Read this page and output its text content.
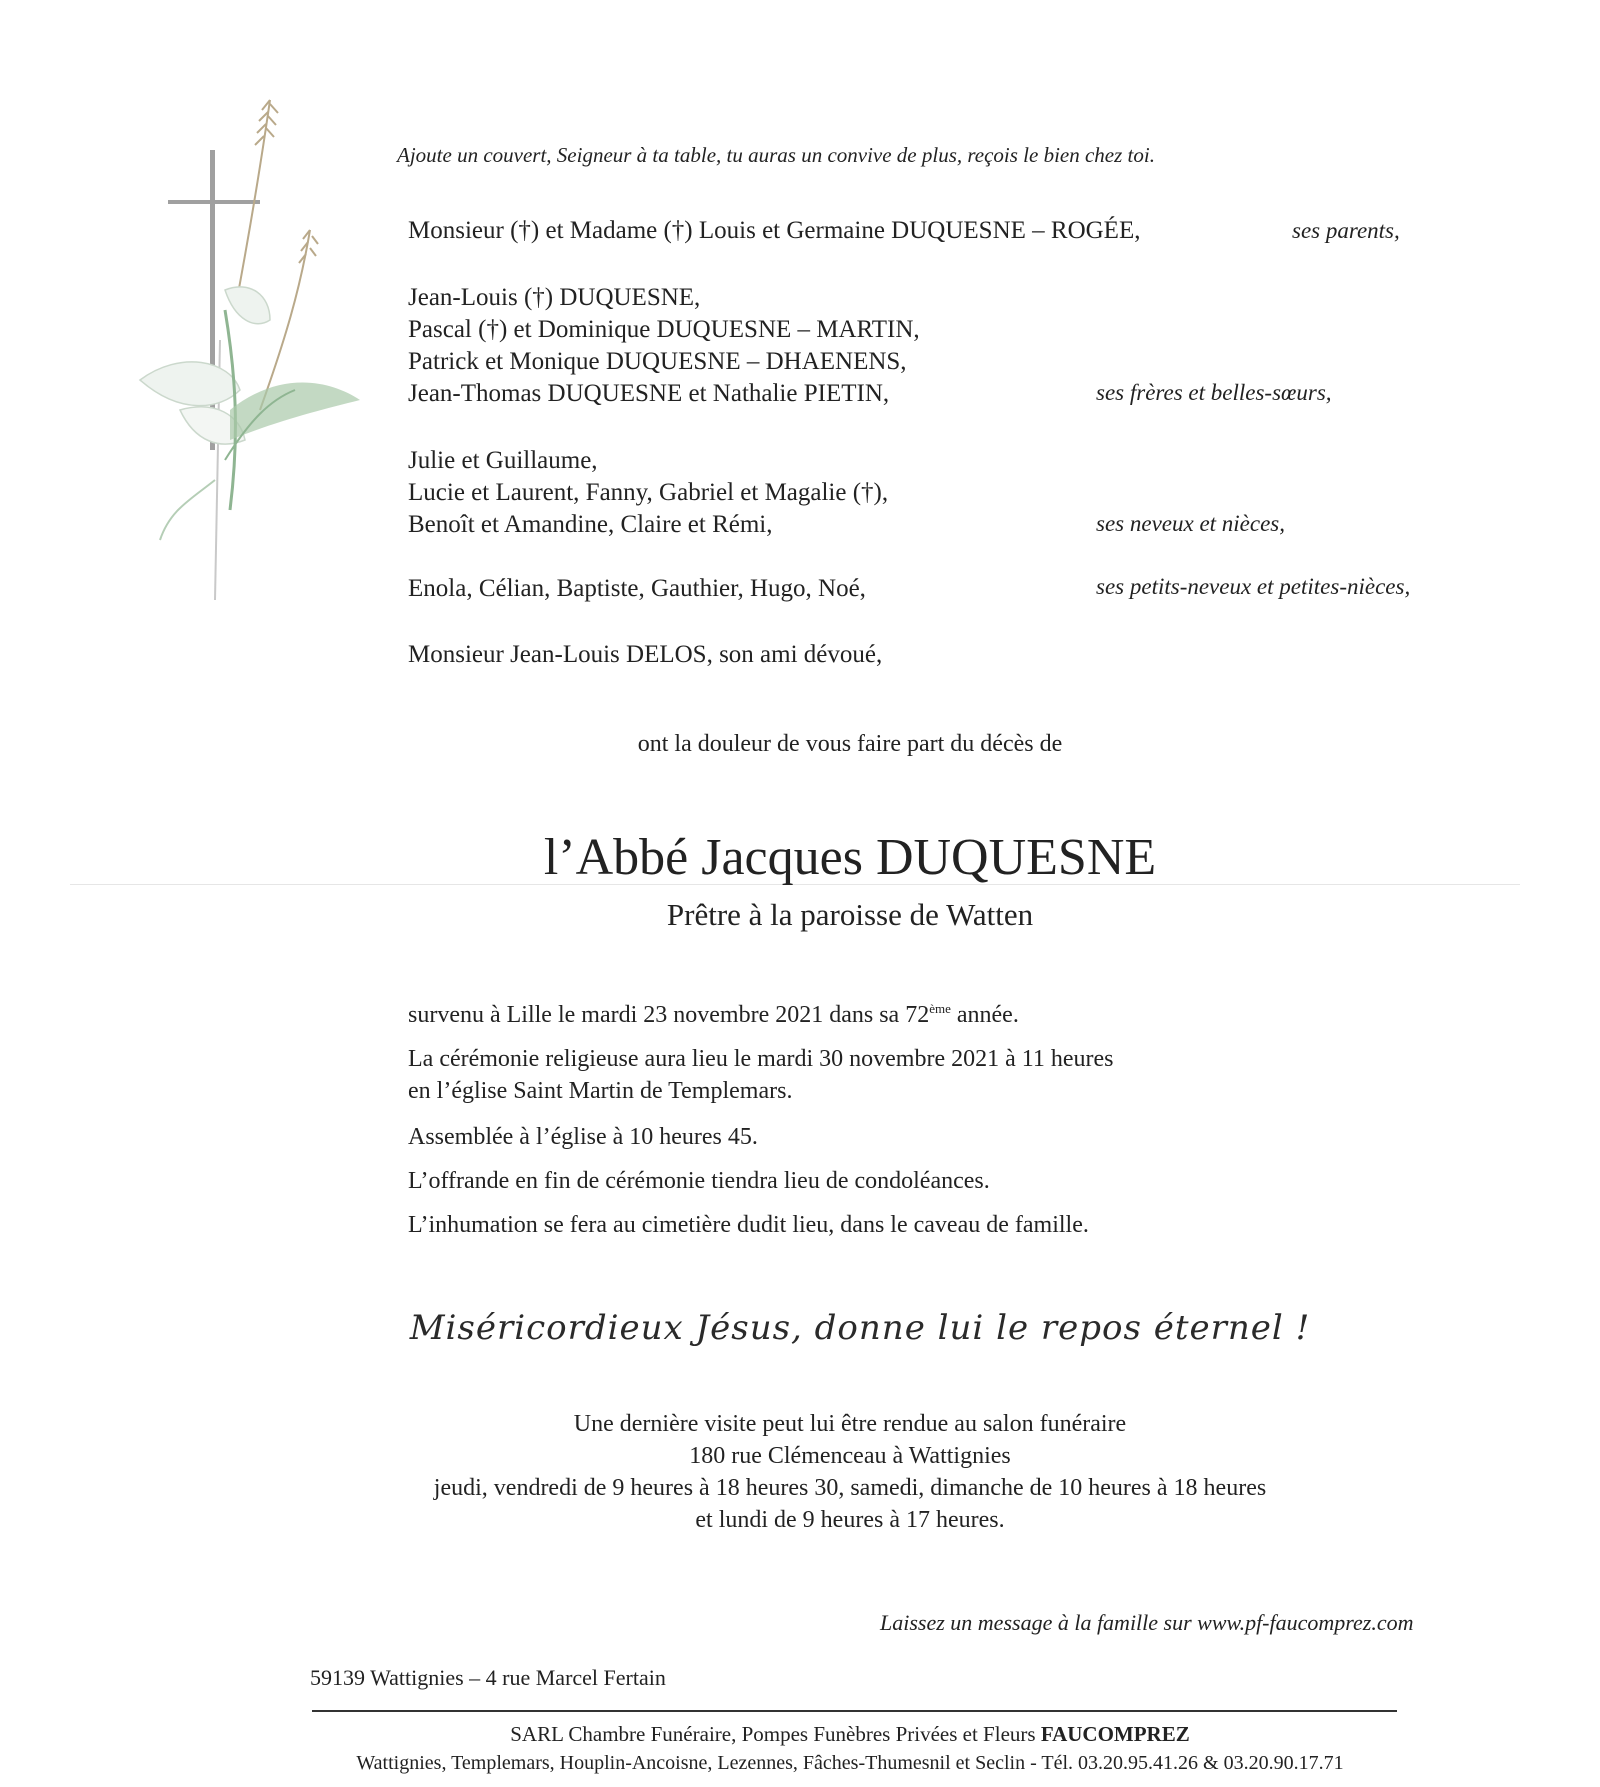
Ajoute un couvert, Seigneur à ta table, tu auras un convive de plus, reçois le bien chez toi.
Monsieur (†) et Madame (†) Louis et Germaine DUQUESNE – ROGÉE,	ses parents,
Jean-Louis (†) DUQUESNE,
Pascal (†) et Dominique DUQUESNE – MARTIN,
Patrick et Monique DUQUESNE – DHAENENS,
Jean-Thomas DUQUESNE et Nathalie PIETIN,	ses frères et belles-sœurs,
Julie et Guillaume,
Lucie et Laurent, Fanny, Gabriel et Magalie (†),
Benoît et Amandine, Claire et Rémi,	ses neveux et nièces,
Enola, Célian, Baptiste, Gauthier, Hugo, Noé,	ses petits-neveux et petites-nièces,
Monsieur Jean-Louis DELOS, son ami dévoué,
ont la douleur de vous faire part du décès de
l’Abbé Jacques DUQUESNE
Prêtre à la paroisse de Watten
survenu à Lille le mardi 23 novembre 2021 dans sa 72ème année.
La cérémonie religieuse aura lieu le mardi 30 novembre 2021 à 11 heures
en l’église Saint Martin de Templemars.
Assemblée à l’église à 10 heures 45.
L’offrande en fin de cérémonie tiendra lieu de condoléances.
L’inhumation se fera au cimetière dudit lieu, dans le caveau de famille.
Miséricordieux Jésus, donne lui le repos éternel !
Une dernière visite peut lui être rendue au salon funéraire
180 rue Clémenceau à Wattignies
jeudi, vendredi de 9 heures à 18 heures 30, samedi, dimanche de 10 heures à 18 heures
et lundi de 9 heures à 17 heures.
Laissez un message à la famille sur www.pf-faucomprez.com
59139 Wattignies – 4 rue Marcel Fertain
SARL Chambre Funéraire, Pompes Funèbres Privées et Fleurs FAUCOMPREZ
Wattignies, Templemars, Houplin-Ancoisne, Lezennes, Fâches-Thumesnil et Seclin - Tél. 03.20.95.41.26 & 03.20.90.17.71
